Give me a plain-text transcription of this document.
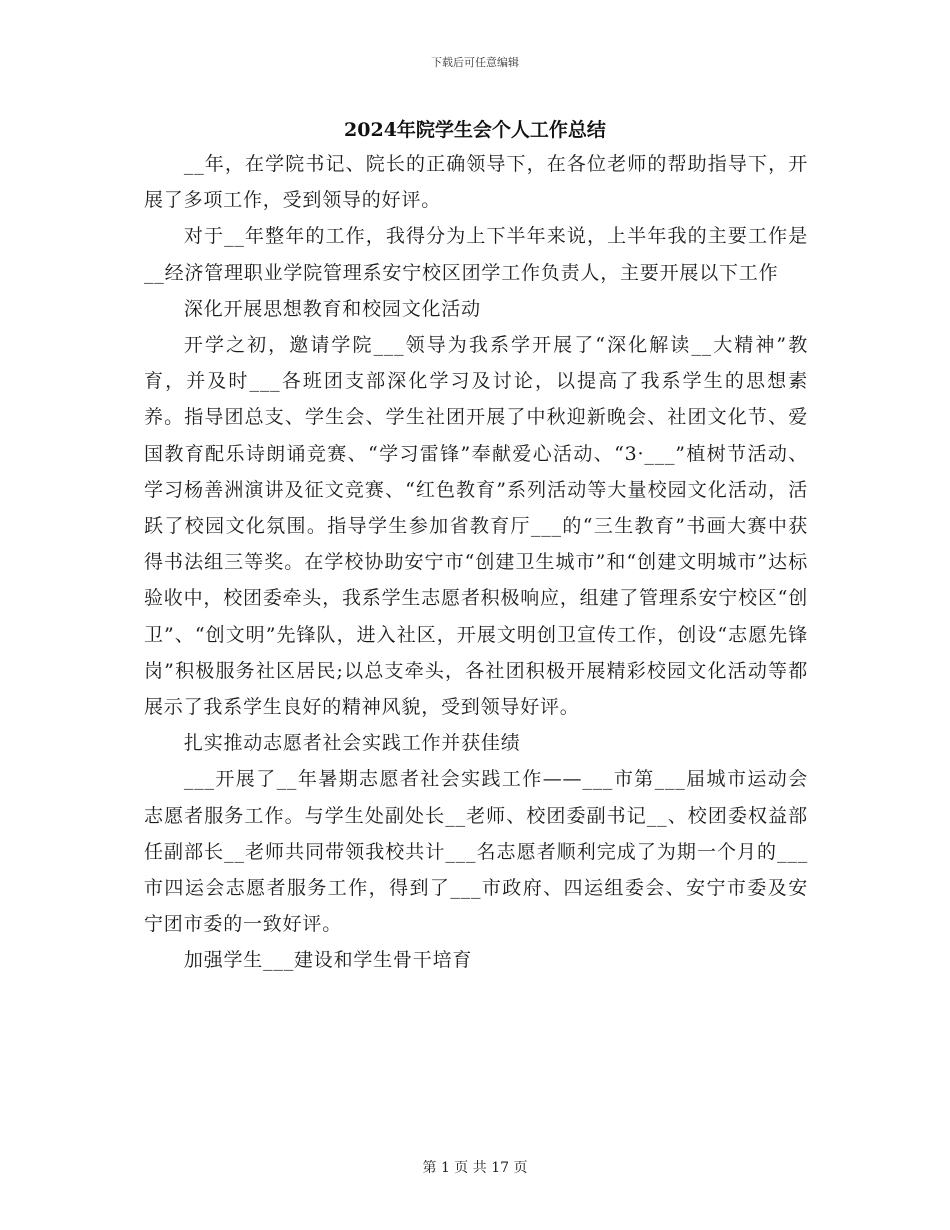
下载后可任意编辑
2024年院学生会个人工作总结

__年，在学院书记、院长的正确领导下，在各位老师的帮助指导下，开展了多项工作，受到领导的好评。

对于__年整年的工作，我得分为上下半年来说，上半年我的主要工作是__经济管理职业学院管理系安宁校区团学工作负责人，主要开展以下工作

深化开展思想教育和校园文化活动

开学之初，邀请学院___领导为我系学开展了“深化解读__大精神”教育，并及时___各班团支部深化学习及讨论，以提高了我系学生的思想素养。指导团总支、学生会、学生社团开展了中秋迎新晚会、社团文化节、爱国教育配乐诗朗诵竞赛、“学习雷锋”奉献爱心活动、“3·___”植树节活动、学习杨善洲演讲及征文竞赛、“红色教育”系列活动等大量校园文化活动，活跃了校园文化氛围。指导学生参加省教育厅___的“三生教育”书画大赛中获得书法组三等奖。在学校协助安宁市“创建卫生城市”和“创建文明城市”达标验收中，校团委牵头，我系学生志愿者积极响应，组建了管理系安宁校区“创卫”、“创文明”先锋队，进入社区，开展文明创卫宣传工作，创设“志愿先锋岗”积极服务社区居民;以总支牵头，各社团积极开展精彩校园文化活动等都展示了我系学生良好的精神风貌，受到领导好评。

扎实推动志愿者社会实践工作并获佳绩

___开展了__年暑期志愿者社会实践工作——___市第___届城市运动会志愿者服务工作。与学生处副处长__老师、校团委副书记__、校团委权益部任副部长__老师共同带领我校共计___名志愿者顺利完成了为期一个月的___市四运会志愿者服务工作，得到了___市政府、四运组委会、安宁市委及安宁团市委的一致好评。

加强学生___建设和学生骨干培育

第 1 页 共 17 页
